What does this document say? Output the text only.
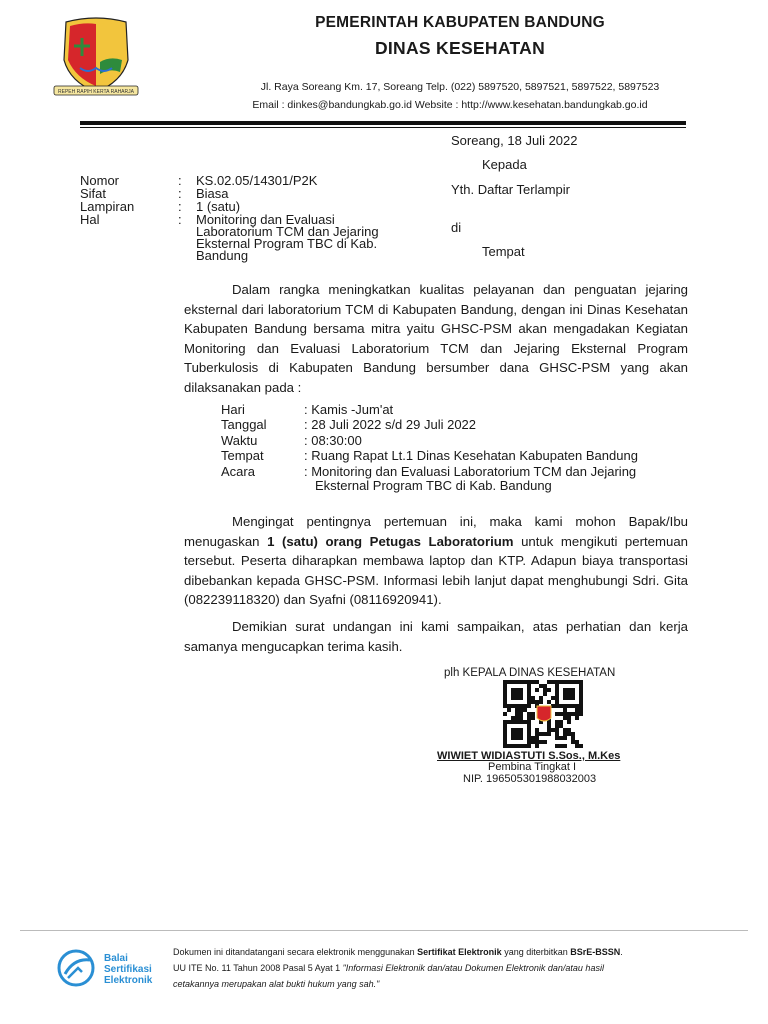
REPEH RAPIH KERTA RAHARJA
PEMERINTAH KABUPATEN BANDUNG
DINAS KESEHATAN
Jl. Raya Soreang Km. 17, Soreang Telp. (022) 5897520, 5897521, 5897522, 5897523
Email : dinkes@bandungkab.go.id Website : http://www.kesehatan.bandungkab.go.id
Soreang, 18 Juli 2022
Kepada
Yth. Daftar Terlampir
di
Tempat
Nomor	: KS.02.05/14301/P2K
Sifat	: Biasa
Lampiran	: 1 (satu)
Hal	: Monitoring dan Evaluasi
Laboratorium TCM dan Jejaring
Eksternal Program TBC di Kab.
Bandung
Dalam rangka meningkatkan kualitas pelayanan dan penguatan jejaring eksternal dari laboratorium TCM di Kabupaten Bandung, dengan ini Dinas Kesehatan Kabupaten Bandung bersama mitra yaitu GHSC-PSM akan mengadakan Kegiatan Monitoring dan Evaluasi Laboratorium TCM dan Jejaring Eksternal Program Tuberkulosis di Kabupaten Bandung bersumber dana GHSC-PSM yang akan dilaksanakan pada :
Hari	: Kamis -Jum'at
Tanggal	: 28 Juli 2022 s/d 29 Juli 2022
Waktu	: 08:30:00
Tempat	: Ruang Rapat Lt.1 Dinas Kesehatan Kabupaten Bandung
Acara	: Monitoring dan Evaluasi Laboratorium TCM dan Jejaring
Eksternal Program TBC di Kab. Bandung
Mengingat pentingnya pertemuan ini, maka kami mohon Bapak/Ibu menugaskan 1 (satu) orang Petugas Laboratorium untuk mengikuti pertemuan tersebut. Peserta diharapkan membawa laptop dan KTP. Adapun biaya transportasi dibebankan kepada GHSC-PSM. Informasi lebih lanjut dapat menghubungi Sdri. Gita (082239118320) dan Syafni (08116920941).
Demikian surat undangan ini kami sampaikan, atas perhatian dan kerja samanya mengucapkan terima kasih.
plh KEPALA DINAS KESEHATAN
WIWIET WIDIASTUTI S.Sos., M.Kes
Pembina Tingkat I
NIP. 196505301988032003
Balai
Sertifikasi
Elektronik
Dokumen ini ditandatangani secara elektronik menggunakan Sertifikat Elektronik yang diterbitkan BSrE-BSSN.
UU ITE No. 11 Tahun 2008 Pasal 5 Ayat 1 "Informasi Elektronik dan/atau Dokumen Elektronik dan/atau hasil
cetakannya merupakan alat bukti hukum yang sah."
